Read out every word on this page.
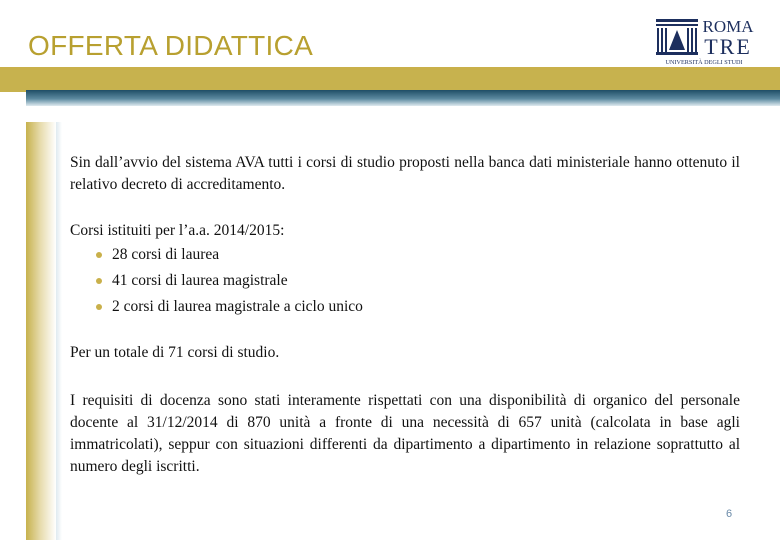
OFFERTA DIDATTICA
ROMA
TRE
UNIVERSITÀ DEGLI STUDI

Sin dall’avvio del sistema AVA tutti i corsi di studio proposti nella banca dati ministeriale hanno ottenuto il relativo decreto di accreditamento.

Corsi istituiti per l’a.a. 2014/2015:

28 corsi di laurea
41 corsi di laurea magistrale
2 corsi di laurea magistrale a ciclo unico

Per un totale di 71 corsi di studio.

I requisiti di docenza sono stati interamente rispettati con una disponibilità di organico del personale docente al 31/12/2014 di 870 unità a fronte di una necessità di 657 unità (calcolata in base agli immatricolati), seppur con situazioni differenti da dipartimento a dipartimento in relazione soprattutto al numero degli iscritti.

6
